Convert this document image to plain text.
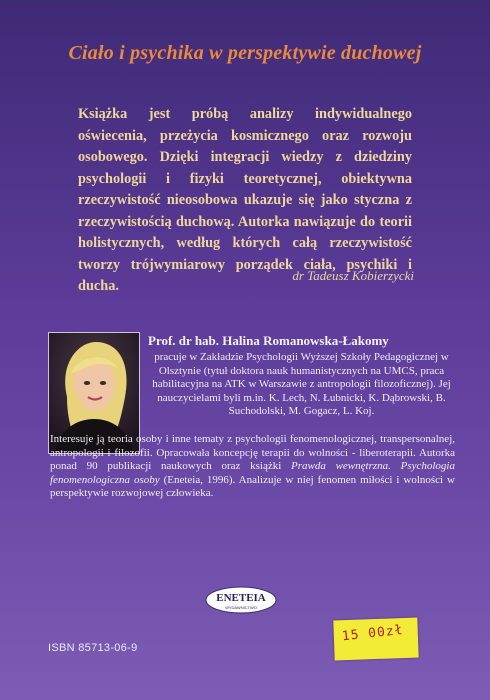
Ciało i psychika w perspektywie duchowej

Książka jest próbą analizy indywidualnego oświecenia, przeżycia kosmicznego oraz rozwoju osobowego. Dzięki integracji wiedzy z dziedziny psychologii i fizyki teoretycznej, obiektywna rzeczywistość nieosobowa ukazuje się jako styczna z rzeczywistością duchową. Autorka nawiązuje do teorii holistycznych, według których całą rzeczywistość tworzy trójwymiarowy porządek ciała, psychiki i ducha.

dr Tadeusz Kobierzycki

pracuje w Zakładzie Psychologii Wyższej Szkoły Pedagogicznej w Olsztynie (tytuł doktora nauk humanistycznych na UMCS, praca habilitacyjna na ATK w Warszawie z antropologii filozoficznej). Jej nauczycielami byli m.in. K. Lech, N. Łubnicki, K. Dąbrowski, B. Suchodolski, M. Gogacz, L. Koj.

Interesuje ją teoria osoby i inne tematy z psychologii fenomenologicznej, transpersonalnej, antropologii i filozofii. Opracowała koncepcję terapii do wolności - liberoterapii. Autorka ponad 90 publikacji naukowych oraz książki Prawda wewnętrzna. Psychologia fenomenologiczna osoby (Eneteia, 1996). Analizuje w niej fenomen miłości i wolności w perspektywie rozwojowej człowieka.

Prof. dr hab. Halina Romanowska-Łakomy
ENETEIA
WYDAWNICTWO
ISBN 85713-06-9
15 00zł
